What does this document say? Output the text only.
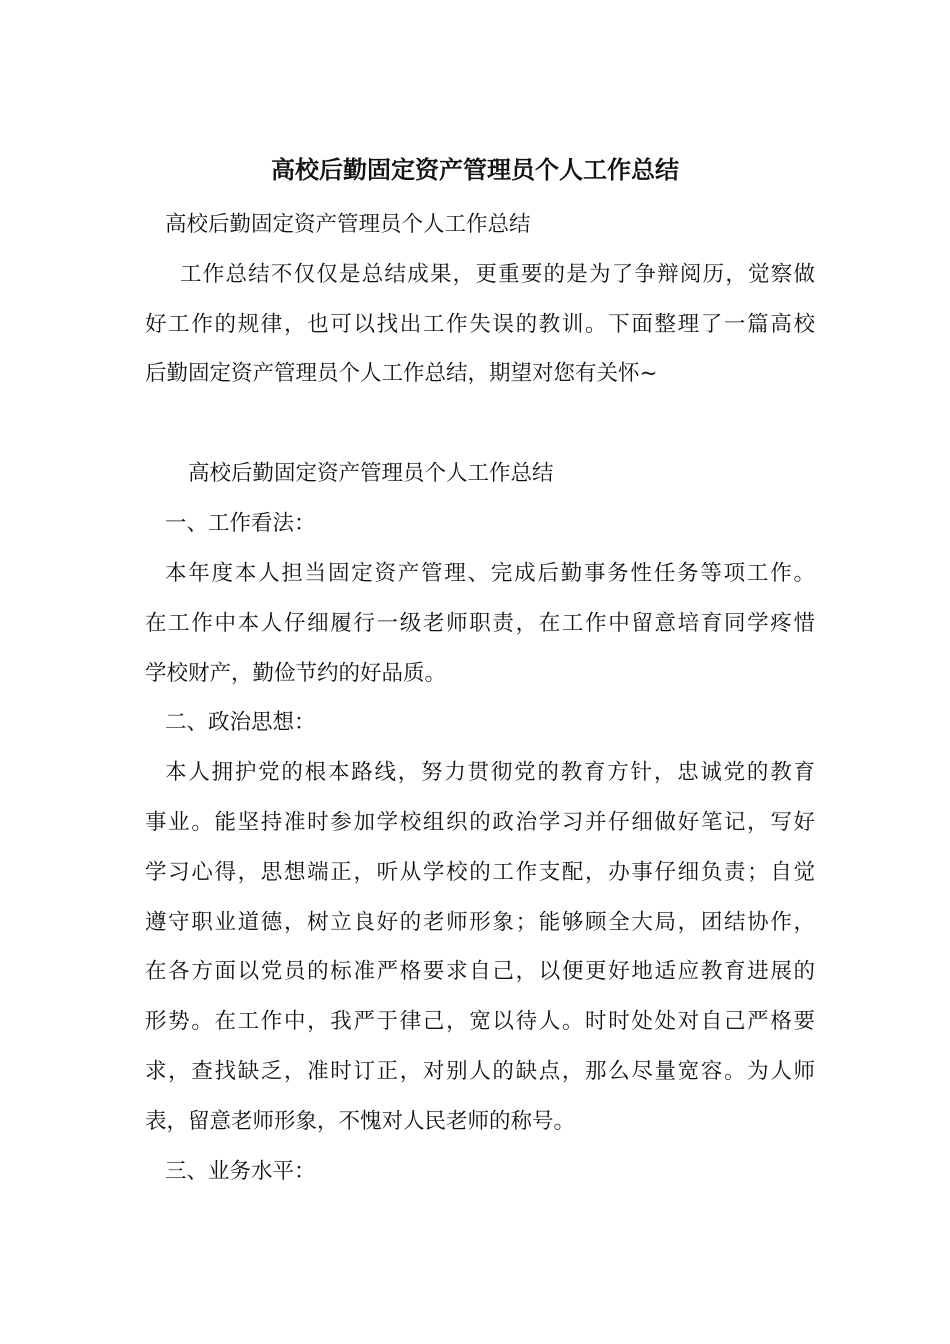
高校后勤固定资产管理员个人工作总结

高校后勤固定资产管理员个人工作总结

工作总结不仅仅是总结成果，更重要的是为了争辩阅历，觉察做

好工作的规律，也可以找出工作失误的教训。下面整理了一篇高校

后勤固定资产管理员个人工作总结，期望对您有关怀~

高校后勤固定资产管理员个人工作总结

一、工作看法：

本年度本人担当固定资产管理、完成后勤事务性任务等项工作。

在工作中本人仔细履行一级老师职责，在工作中留意培育同学疼惜

学校财产，勤俭节约的好品质。

二、政治思想：

本人拥护党的根本路线，努力贯彻党的教育方针，忠诚党的教育

事业。能坚持准时参加学校组织的政治学习并仔细做好笔记，写好

学习心得，思想端正，听从学校的工作支配，办事仔细负责；自觉

遵守职业道德，树立良好的老师形象；能够顾全大局，团结协作，

在各方面以党员的标准严格要求自己，以便更好地适应教育进展的

形势。在工作中，我严于律己，宽以待人。时时处处对自己严格要

求，查找缺乏，准时订正，对别人的缺点，那么尽量宽容。为人师

表，留意老师形象，不愧对人民老师的称号。

三、业务水平：
